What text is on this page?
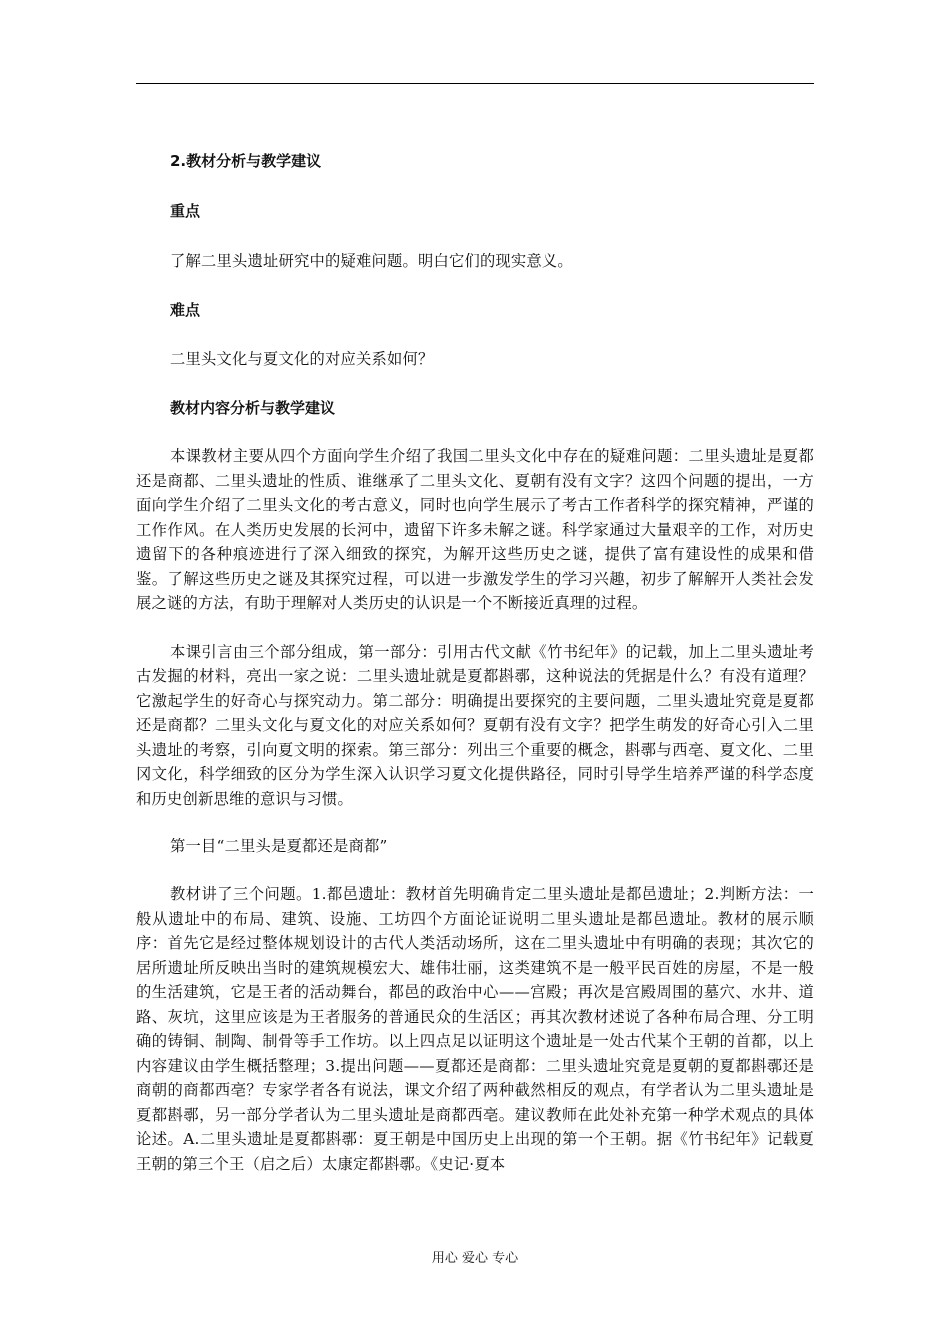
2.教材分析与教学建议

重点

了解二里头遗址研究中的疑难问题。明白它们的现实意义。

难点

二里头文化与夏文化的对应关系如何？

教材内容分析与教学建议

本课教材主要从四个方面向学生介绍了我国二里头文化中存在的疑难问题：二里头遗址是夏都还是商都、二里头遗址的性质、谁继承了二里头文化、夏朝有没有文字？这四个问题的提出，一方面向学生介绍了二里头文化的考古意义，同时也向学生展示了考古工作者科学的探究精神，严谨的工作作风。在人类历史发展的长河中，遗留下许多未解之谜。科学家通过大量艰辛的工作，对历史遗留下的各种痕迹进行了深入细致的探究，为解开这些历史之谜，提供了富有建设性的成果和借鉴。了解这些历史之谜及其探究过程，可以进一步激发学生的学习兴趣，初步了解解开人类社会发展之谜的方法，有助于理解对人类历史的认识是一个不断接近真理的过程。

本课引言由三个部分组成，第一部分：引用古代文献《竹书纪年》的记载，加上二里头遗址考古发掘的材料，亮出一家之说：二里头遗址就是夏都斟鄩，这种说法的凭据是什么？有没有道理？它激起学生的好奇心与探究动力。第二部分：明确提出要探究的主要问题，二里头遗址究竟是夏都还是商都？二里头文化与夏文化的对应关系如何？夏朝有没有文字？把学生萌发的好奇心引入二里头遗址的考察，引向夏文明的探索。第三部分：列出三个重要的概念，斟鄩与西亳、夏文化、二里冈文化，科学细致的区分为学生深入认识学习夏文化提供路径，同时引导学生培养严谨的科学态度和历史创新思维的意识与习惯。

第一目“二里头是夏都还是商都”

教材讲了三个问题。1.都邑遗址：教材首先明确肯定二里头遗址是都邑遗址；2.判断方法：一般从遗址中的布局、建筑、设施、工坊四个方面论证说明二里头遗址是都邑遗址。教材的展示顺序：首先它是经过整体规划设计的古代人类活动场所，这在二里头遗址中有明确的表现；其次它的居所遗址所反映出当时的建筑规模宏大、雄伟壮丽，这类建筑不是一般平民百姓的房屋，不是一般的生活建筑，它是王者的活动舞台，都邑的政治中心——宫殿；再次是宫殿周围的墓穴、水井、道路、灰坑，这里应该是为王者服务的普通民众的生活区；再其次教材述说了各种布局合理、分工明确的铸铜、制陶、制骨等手工作坊。以上四点足以证明这个遗址是一处古代某个王朝的首都，以上内容建议由学生概括整理；3.提出问题——夏都还是商都：二里头遗址究竟是夏朝的夏都斟鄩还是商朝的商都西亳？专家学者各有说法，课文介绍了两种截然相反的观点，有学者认为二里头遗址是夏都斟鄩，另一部分学者认为二里头遗址是商都西亳。建议教师在此处补充第一种学术观点的具体论述。A.二里头遗址是夏都斟鄩：夏王朝是中国历史上出现的第一个王朝。据《竹书纪年》记载夏王朝的第三个王（启之后）太康定都斟鄩。《史记·夏本

用心 爱心 专心
